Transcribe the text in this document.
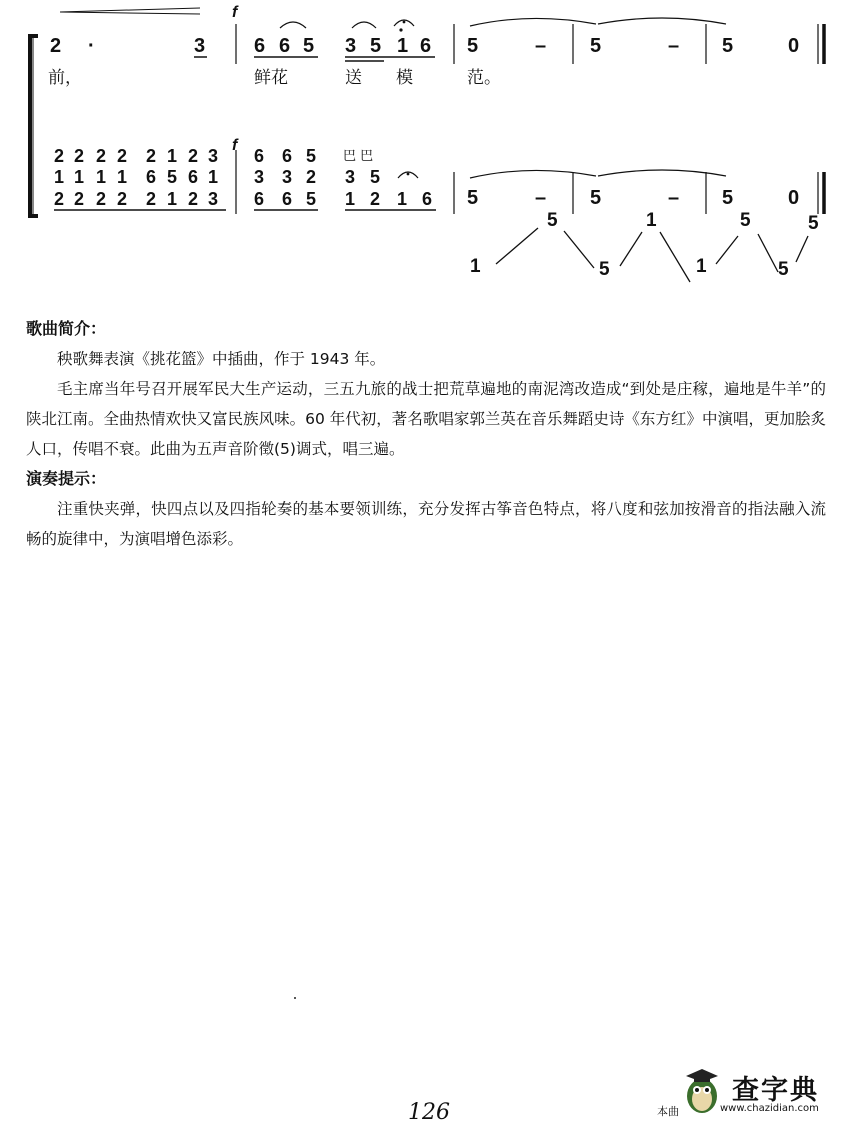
f
2 ·	3 6 6 5 3 5 1 6 5	– 5	– 5	0
前，	鲜花	送 模	范。
f
2 2 2 2 2 1 2 3 6 6 5 巴 巴
1 1 1 1 6 5 6 1 3 3 2 3 5
2 2 2 2 2 1 2 3 6 6 5 1 2 1 6 5	– 5	– 5	0
1
5
5
1
1
5
5
5

歌曲简介：

秧歌舞表演《挑花篮》中插曲，作于 1943 年。

毛主席当年号召开展军民大生产运动，三五九旅的战士把荒草遍地的南泥湾改造成“到处是庄稼，遍地是牛羊”的陕北江南。全曲热情欢快又富民族风味。60 年代初，著名歌唱家郭兰英在音乐舞蹈史诗《东方红》中演唱，更加脍炙人口，传唱不衰。此曲为五声音阶徵(5)调式，唱三遍。

演奏提示：

注重快夹弹，快四点以及四指轮奏的基本要领训练，充分发挥古筝音色特点，将八度和弦加按滑音的指法融入流畅的旋律中，为演唱增色添彩。

126	本曲
查字典
www.chazidian.com
